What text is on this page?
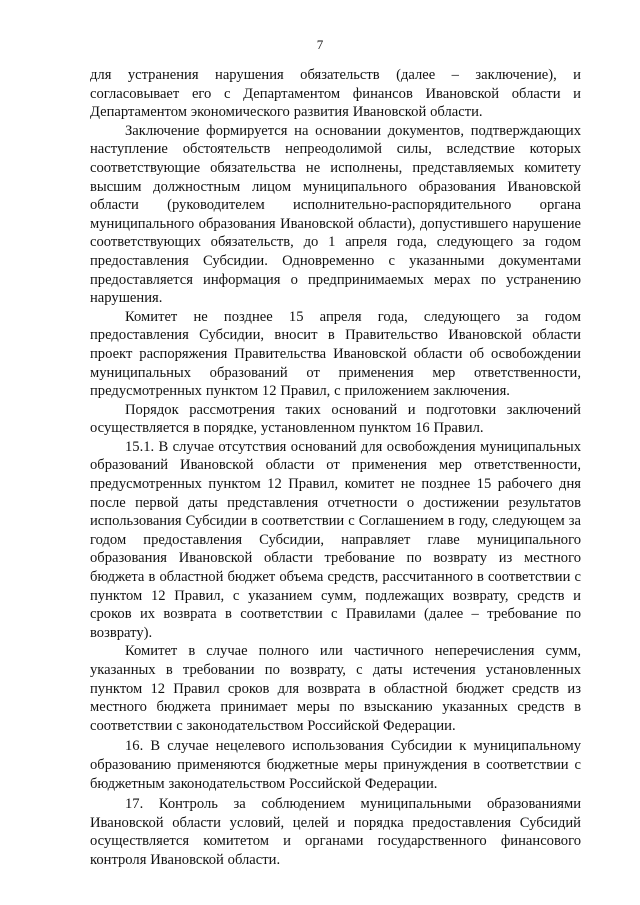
7

для устранения нарушения обязательств (далее – заключение), и согласовывает его с Департаментом финансов Ивановской области и Департаментом экономического развития Ивановской области.

Заключение формируется на основании документов, подтверждающих наступление обстоятельств непреодолимой силы, вследствие которых соответствующие обязательства не исполнены, представляемых комитету высшим должностным лицом муниципального образования Ивановской области (руководителем исполнительно-распорядительного органа муниципального образования Ивановской области), допустившего нарушение соответствующих обязательств, до 1 апреля года, следующего за годом предоставления Субсидии. Одновременно с указанными документами предоставляется информация о предпринимаемых мерах по устранению нарушения.

Комитет не позднее 15 апреля года, следующего за годом предоставления Субсидии, вносит в Правительство Ивановской области проект распоряжения Правительства Ивановской области об освобождении муниципальных образований от применения мер ответственности, предусмотренных пунктом 12 Правил, с приложением заключения.

Порядок рассмотрения таких оснований и подготовки заключений осуществляется в порядке, установленном пунктом 16 Правил.

15.1. В случае отсутствия оснований для освобождения муниципальных образований Ивановской области от применения мер ответственности, предусмотренных пунктом 12 Правил, комитет не позднее 15 рабочего дня после первой даты представления отчетности о достижении результатов использования Субсидии в соответствии с Соглашением в году, следующем за годом предоставления Субсидии, направляет главе муниципального образования Ивановской области требование по возврату из местного бюджета в областной бюджет объема средств, рассчитанного в соответствии с пунктом 12 Правил, с указанием сумм, подлежащих возврату, средств и сроков их возврата в соответствии с Правилами (далее – требование по возврату).

Комитет в случае полного или частичного неперечисления сумм, указанных в требовании по возврату, с даты истечения установленных пунктом 12 Правил сроков для возврата в областной бюджет средств из местного бюджета принимает меры по взысканию указанных средств в соответствии с законодательством Российской Федерации.

16. В случае нецелевого использования Субсидии к муниципальному образованию применяются бюджетные меры принуждения в соответствии с бюджетным законодательством Российской Федерации.

17. Контроль за соблюдением муниципальными образованиями Ивановской области условий, целей и порядка предоставления Субсидий осуществляется комитетом и органами государственного финансового контроля Ивановской области.
